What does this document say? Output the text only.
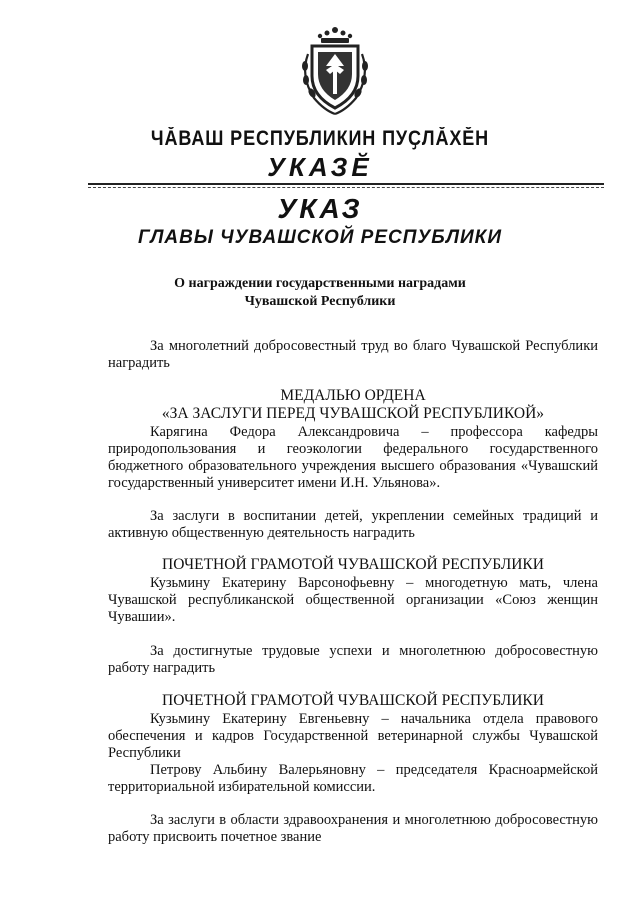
ЧĂВАШ РЕСПУБЛИКИН ПУҪЛĂХĔН
УКАЗĔ
УКАЗ
ГЛАВЫ ЧУВАШСКОЙ РЕСПУБЛИКИ
О награждении государственными наградами
Чувашской Республики
За многолетний добросовестный труд во благо Чувашской Республики наградить
МЕДАЛЬЮ ОРДЕНА
«ЗА ЗАСЛУГИ ПЕРЕД ЧУВАШСКОЙ РЕСПУБЛИКОЙ»
Карягина Федора Александровича – профессора кафедры природопользования и геоэкологии федерального государственного бюджетного образовательного учреждения высшего образования «Чувашский государственный университет имени И.Н. Ульянова».
За заслуги в воспитании детей, укреплении семейных традиций и активную общественную деятельность наградить
ПОЧЕТНОЙ ГРАМОТОЙ ЧУВАШСКОЙ РЕСПУБЛИКИ
Кузьмину Екатерину Варсонофьевну – многодетную мать, члена Чувашской республиканской общественной организации «Союз женщин Чувашии».
За достигнутые трудовые успехи и многолетнюю добросовестную работу наградить
ПОЧЕТНОЙ ГРАМОТОЙ ЧУВАШСКОЙ РЕСПУБЛИКИ
Кузьмину Екатерину Евгеньевну – начальника отдела правового обеспечения и кадров Государственной ветеринарной службы Чувашской Республики
Петрову Альбину Валерьяновну – председателя Красноармейской территориальной избирательной комиссии.
За заслуги в области здравоохранения и многолетнюю добросовестную работу присвоить почетное звание
